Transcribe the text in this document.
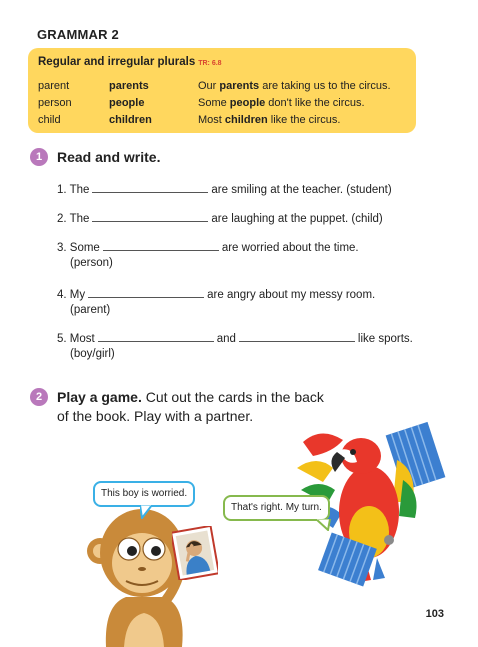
GRAMMAR 2
Regular and irregular plurals TR: 6.8
parent	parents	Our parents are taking us to the circus.
person	people	Some people don't like the circus.
child	children	Most children like the circus.
1	Read and write.
1. The	are smiling at the teacher. (student)
2. The	are laughing at the puppet. (child)
3. Some	are worried about the time.
(person)
4. My	are angry about my messy room.
(parent)
5. Most	and	like sports.
(boy/girl)
2	Play a game. Cut out the cards in the back
of the book. Play with a partner.
This boy is worried.
That's right. My turn.
103
